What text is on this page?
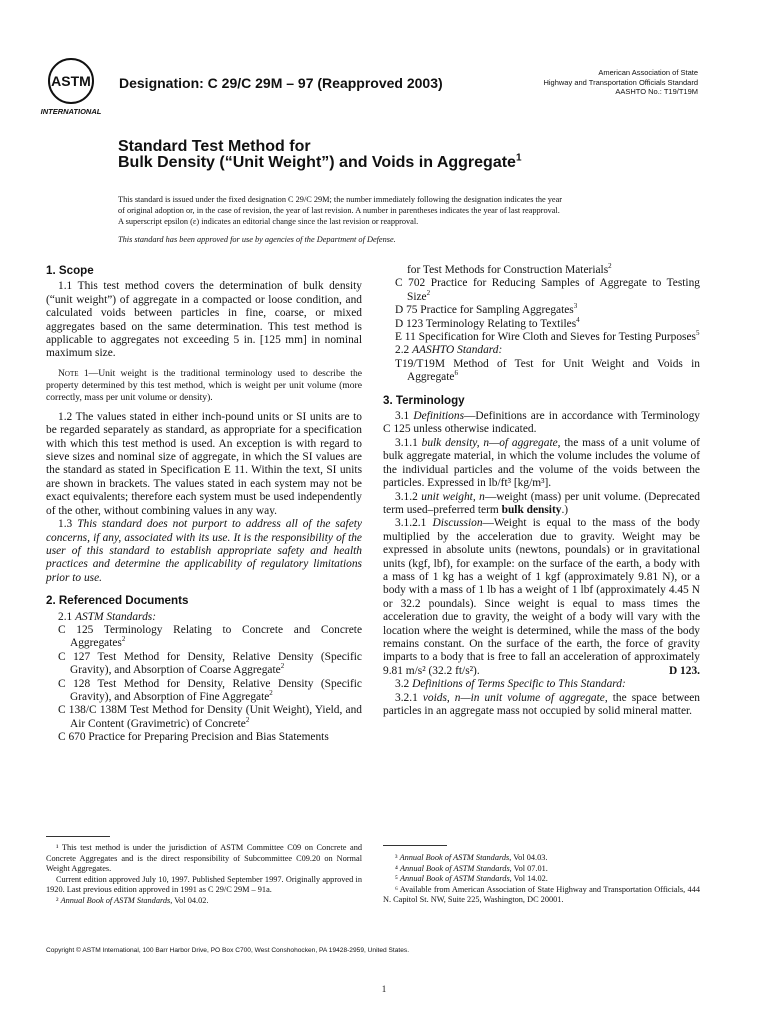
ASTM
INTERNATIONAL
Designation: C 29/C 29M – 97 (Reapproved 2003)
American Association of State
Highway and Transportation Officials Standard
AASHTO No.: T19/T19M
Standard Test Method for
Bulk Density (“Unit Weight”) and Voids in Aggregate$^1$

This standard is issued under the fixed designation C 29/C 29M; the number immediately following the designation indicates the year

of original adoption or, in the case of revision, the year of last revision. A number in parentheses indicates the year of last reapproval.

A superscript epsilon (ε) indicates an editorial change since the last revision or reapproval.

This standard has been approved for use by agencies of the Department of Defense.

1. Scope

1.1 This test method covers the determination of bulk density (“unit weight”) of aggregate in a compacted or loose condition, and calculated voids between particles in fine, coarse, or mixed aggregates based on the same determination. This test method is applicable to aggregates not exceeding 5 in. [125 mm] in nominal maximum size.

Note 1—Unit weight is the traditional terminology used to describe the property determined by this test method, which is weight per unit volume (more correctly, mass per unit volume or density).

1.2 The values stated in either inch-pound units or SI units are to be regarded separately as standard, as appropriate for a specification with which this test method is used. An exception is with regard to sieve sizes and nominal size of aggregate, in which the SI values are the standard as stated in Specification E 11. Within the text, SI units are shown in brackets. The values stated in each system may not be exact equivalents; therefore each system must be used independently of the other, without combining values in any way.

1.3 This standard does not purport to address all of the safety concerns, if any, associated with its use. It is the responsibility of the user of this standard to establish appropriate safety and health practices and determine the applicability of regulatory limitations prior to use.

2. Referenced Documents

2.1 ASTM Standards:

C 125 Terminology Relating to Concrete and Concrete Aggregates$^2$

C 127 Test Method for Density, Relative Density (Specific Gravity), and Absorption of Coarse Aggregate$^2$

C 128 Test Method for Density, Relative Density (Specific Gravity), and Absorption of Fine Aggregate$^2$

C 138/C 138M Test Method for Density (Unit Weight), Yield, and Air Content (Gravimetric) of Concrete$^2$

C 670 Practice for Preparing Precision and Bias Statements

for Test Methods for Construction Materials$^2$

C 702 Practice for Reducing Samples of Aggregate to Testing Size$^2$

D 75 Practice for Sampling Aggregates$^3$

D 123 Terminology Relating to Textiles$^4$

E 11 Specification for Wire Cloth and Sieves for Testing Purposes$^5$

2.2 AASHTO Standard:

T19/T19M Method of Test for Unit Weight and Voids in Aggregate$^6$

3. Terminology

3.1 Definitions—Definitions are in accordance with Terminology C 125 unless otherwise indicated.

3.1.1 bulk density, n—of aggregate, the mass of a unit volume of bulk aggregate material, in which the volume includes the volume of the individual particles and the volume of the voids between the particles. Expressed in lb/ft³ [kg/m³].

3.1.2 unit weight, n—weight (mass) per unit volume. (Deprecated term used–preferred term bulk density.)

3.1.2.1 Discussion—Weight is equal to the mass of the body multiplied by the acceleration due to gravity. Weight may be expressed in absolute units (newtons, poundals) or in gravitational units (kgf, lbf), for example: on the surface of the earth, a body with a mass of 1 kg has a weight of 1 kgf (approximately 9.81 N), or a body with a mass of 1 lb has a weight of 1 lbf (approximately 4.45 N or 32.2 poundals). Since weight is equal to mass times the acceleration due to gravity, the weight of a body will vary with the location where the weight is determined, while the mass of the body remains constant. On the surface of the earth, the force of gravity imparts to a body that is free to fall an acceleration of approximately 9.81 m/s² (32.2 ft/s²).	D 123.

3.2 Definitions of Terms Specific to This Standard:

3.2.1 voids, n—in unit volume of aggregate, the space between particles in an aggregate mass not occupied by solid mineral matter.

¹ This test method is under the jurisdiction of ASTM Committee C09 on Concrete and Concrete Aggregates and is the direct responsibility of Subcommittee C09.20 on Normal Weight Aggregates.

Current edition approved July 10, 1997. Published September 1997. Originally approved in 1920. Last previous edition approved in 1991 as C 29/C 29M – 91a.

² Annual Book of ASTM Standards, Vol 04.02.

³ Annual Book of ASTM Standards, Vol 04.03.

⁴ Annual Book of ASTM Standards, Vol 07.01.

⁵ Annual Book of ASTM Standards, Vol 14.02.

⁶ Available from American Association of State Highway and Transportation Officials, 444 N. Capitol St. NW, Suite 225, Washington, DC 20001.

Copyright © ASTM International, 100 Barr Harbor Drive, PO Box C700, West Conshohocken, PA 19428-2959, United States.
1
